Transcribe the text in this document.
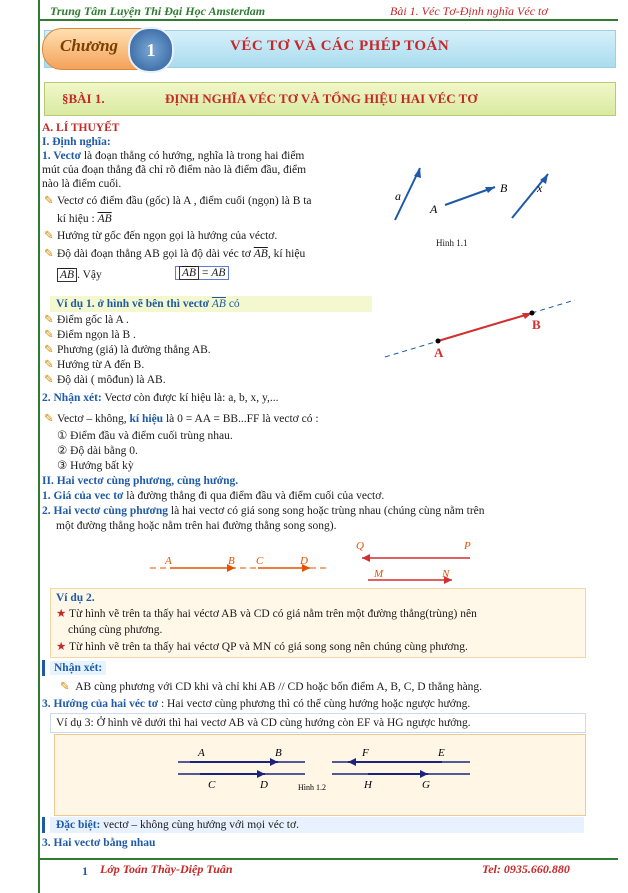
Trung Tâm Luyện Thi Đại Học Amsterdam	Bài 1. Véc Tơ-Định nghĩa Véc tơ
Chương	1	VÉC TƠ VÀ CÁC PHÉP TOÁN
§BÀI 1.	ĐỊNH NGHĨA VÉC TƠ VÀ TỔNG HIỆU HAI VÉC TƠ
A. LÍ THUYẾT
I. Định nghĩa:
1. Vectơ là đoạn thẳng có hướng, nghĩa là trong hai điểm
mút của đoạn thẳng đã chỉ rõ điểm nào là điểm đầu, điểm
nào là điểm cuối.
✎ Vectơ có điểm đầu (gốc) là A , điểm cuối (ngọn) là B ta
kí hiệu : $\overline{AB}$
✎ Hướng từ gốc đến ngọn gọi là hướng của véctơ.
✎ Độ dài đoạn thẳng AB gọi là độ dài véc tơ $\overline{AB}$, kí hiệu
$\overline{AB}$ . Vậy	$\overline{AB}$ = AB
a
A
B x
Hình 1.1
Ví dụ 1. ở hình vẽ bên thì vectơ $\overline{AB}$ có
✎ Điểm gốc là A .
✎ Điểm ngọn là B .
✎ Phương (giá) là đường thẳng AB.
✎ Hướng từ A đến B.
✎ Độ dài ( môđun) là AB.
A
B
2. Nhận xét: Vectơ còn được kí hiệu là: a, b, x, y,...
✎ Vectơ – không, kí hiệu là 0 = AA = BB...FF là vectơ có :
① Điểm đầu và điểm cuối trùng nhau.
② Độ dài bằng 0.
③ Hướng bất kỳ
II. Hai vectơ cùng phương, cùng hướng.
1. Giá của vec tơ là đường thẳng đi qua điểm đầu và điểm cuối của vectơ.
2. Hai vectơ cùng phương là hai vectơ có giá song song hoặc trùng nhau (chúng cùng nằm trên
một đường thẳng hoặc nằm trên hai đường thẳng song song).
A	B C	D
Q	P
M	N
Ví dụ 2.
★ Từ hình vẽ trên ta thấy hai véctơ AB và CD có giá nằm trên một đường thẳng(trùng) nên
chúng cùng phương.
★ Từ hình vẽ trên ta thấy hai véctơ QP và MN có giá song song nên chúng cùng phương.
Nhận xét:
✎ AB cùng phương với CD khi và chỉ khi AB // CD hoặc bốn điểm A, B, C, D thẳng hàng.
3. Hướng của hai véc tơ : Hai vectơ cùng phương thì có thể cùng hướng hoặc ngược hướng.
Ví dụ 3: Ở hình vẽ dưới thì hai vectơ AB và CD cùng hướng còn EF và HG ngược hướng.
A	B
C	D
F	E
H	G
Hình 1.2
Đặc biệt: vectơ – không cùng hướng với mọi véc tơ.
3. Hai vectơ bằng nhau
1 Lớp Toán Thầy-Diệp Tuân	Tel: 0935.660.880
